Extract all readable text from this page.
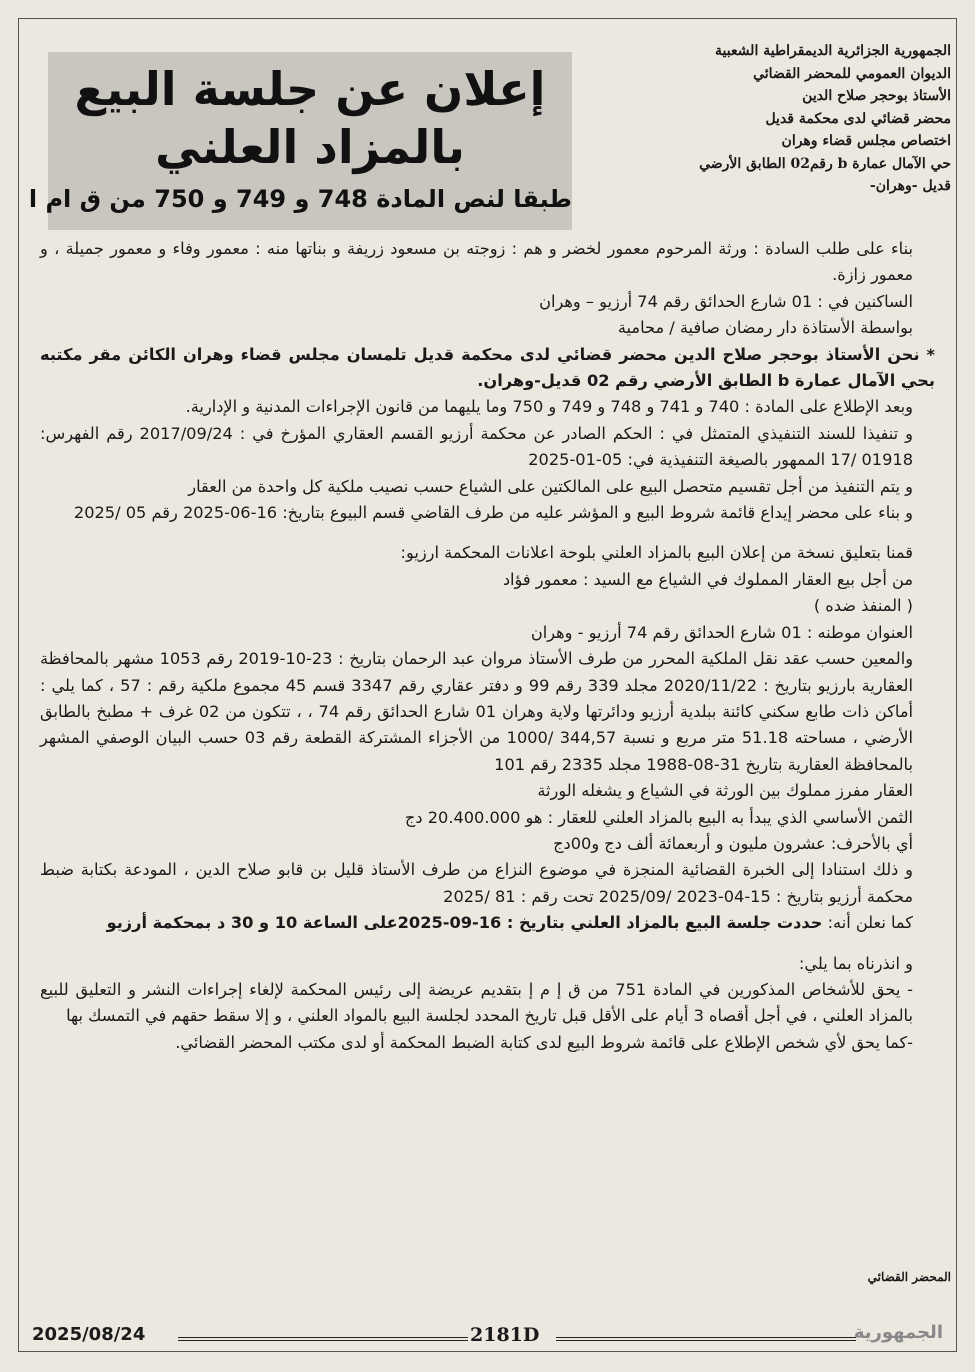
الجمهورية الجزائرية الديمقراطية الشعبية
الديوان العمومي للمحضر القضائي
الأستاذ بوحجر صلاح الدين
محضر قضائي لدى محكمة قديل
اختصاص مجلس قضاء وهران
حي الآمال عمارة b رقم02 الطابق الأرضي
قديل -وهران-
إعلان عن جلسة البيع
بالمزاد العلني
طبقا لنص المادة 748 و 749 و 750 من ق ام ا

بناء على طلب السادة : ورثة المرحوم معمور لخضر و هم : زوجته بن مسعود زريفة و بناتها منه : معمور وفاء و معمور جميلة ، و معمور زازة.

الساكنين في : 01 شارع الحدائق رقم 74 أرزيو – وهران

بواسطة الأستاذة دار رمضان صافية / محامية

* نحن الأستاذ بوحجر صلاح الدين محضر قضائي لدى محكمة قديل تلمسان مجلس قضاء وهران الكائن مقر مكتبه بحي الآمال عمارة b الطابق الأرضي رقم 02 قديل-وهران.

وبعد الإطلاع على المادة : 740 و 741 و 748 و 749 و 750 وما يليهما من قانون الإجراءات المدنية و الإدارية.

و تنفيذا للسند التنفيذي المتمثل في : الحكم الصادر عن محكمة أرزيو القسم العقاري المؤرخ في : 2017/09/24 رقم الفهرس: 01918 /17 الممهور بالصيغة التنفيذية في: 05-01-2025

و يتم التنفيذ من أجل تقسيم متحصل البيع على المالكتين على الشياع حسب نصيب ملكية كل واحدة من العقار

و بناء على محضر إيداع قائمة شروط البيع و المؤشر عليه من طرف القاضي قسم البيوع بتاريخ: 16-06-2025 رقم 05 /2025

قمنا بتعليق نسخة من إعلان البيع بالمزاد العلني بلوحة اعلانات المحكمة ارزيو:

من أجل بيع العقار المملوك في الشياع مع السيد : معمور فؤاد

( المنفذ ضده )

العنوان موطنه : 01 شارع الحدائق رقم 74 أرزيو - وهران

والمعين حسب عقد نقل الملكية المحرر من طرف الأستاذ مروان عبد الرحمان بتاريخ : 23-10-2019 رقم 1053 مشهر بالمحافظة العقارية بارزيو بتاريخ : 2020/11/22 مجلد 339 رقم 99 و دفتر عقاري رقم 3347 قسم 45 مجموع ملكية رقم : 57 ، كما يلي : أماكن ذات طابع سكني كائنة ببلدية أرزيو ودائرتها ولاية وهران 01 شارع الحدائق رقم 74 ، ، تتكون من 02 غرف + مطبخ بالطابق الأرضي ، مساحته 51.18 متر مربع و نسبة 344,57 /1000 من الأجزاء المشتركة القطعة رقم 03 حسب البيان الوصفي المشهر بالمحافظة العقارية بتاريخ 31-08-1988 مجلد 2335 رقم 101

العقار مفرز مملوك بين الورثة في الشياع و يشغله الورثة

الثمن الأساسي الذي يبدأ به البيع بالمزاد العلني للعقار : هو 20.400.000 دج

أي بالأحرف: عشرون مليون و أربعمائة ألف دج و00دج

و ذلك استنادا إلى الخبرة القضائية المنجزة في موضوع النزاع من طرف الأستاذ قليل بن قابو صلاح الدين ، المودعة بكتابة ضبط محكمة أرزيو بتاريخ : 15-04-2023 /2025/09 تحت رقم : 81 /2025

كما نعلن أنه: حددت جلسة البيع بالمزاد العلني بتاريخ : 16-09-2025على الساعة 10 و 30 د بمحكمة أرزيو

و انذرناه بما يلي:

- يحق للأشخاص المذكورين في المادة 751 من ق إ م إ بتقديم عريضة إلى رئيس المحكمة لإلغاء إجراءات النشر و التعليق للبيع بالمزاد العلني ، في أجل أقصاه 3 أيام على الأقل قبل تاريخ المحدد لجلسة البيع بالمواد العلني ، و إلا سقط حقهم في التمسك بها

-كما يحق لأي شخص الإطلاع على قائمة شروط البيع لدى كتابة الضبط المحكمة أو لدى مكتب المحضر القضائي.

المحضر القضائي
2025/08/24	2181D	الجمهورية
